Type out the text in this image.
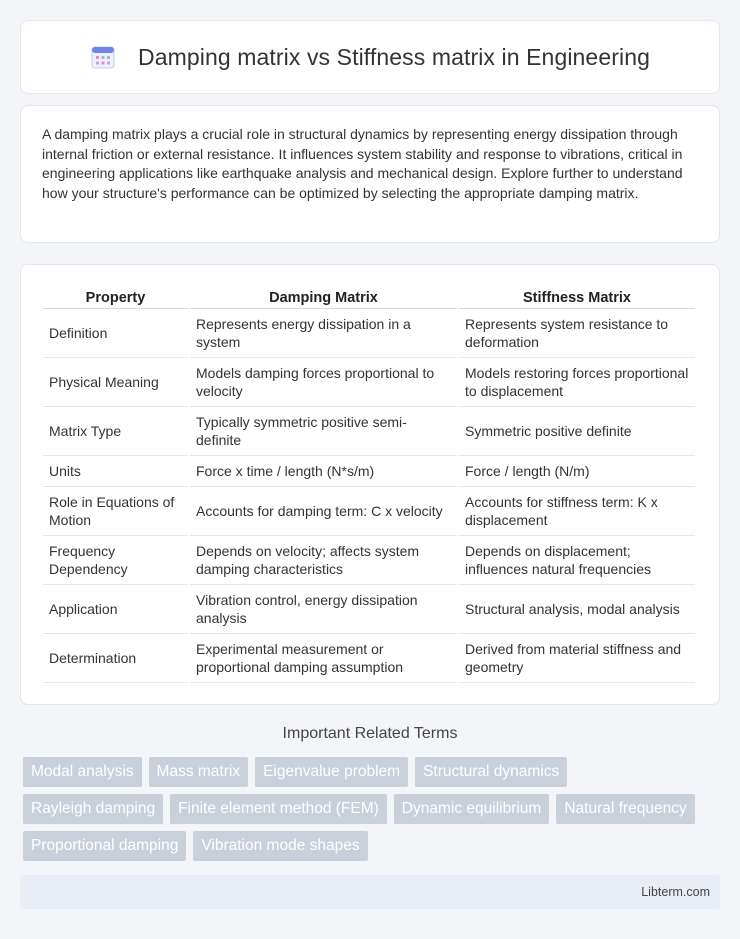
Damping matrix vs Stiffness matrix in Engineering

A damping matrix plays a crucial role in structural dynamics by representing energy dissipation through internal friction or external resistance. It influences system stability and response to vibrations, critical in engineering applications like earthquake analysis and mechanical design. Explore further to understand how your structure's performance can be optimized by selecting the appropriate damping matrix.

Property	Damping Matrix	Stiffness Matrix
Definition	Represents energy dissipation in a system	Represents system resistance to deformation
Physical Meaning	Models damping forces proportional to velocity	Models restoring forces proportional to displacement
Matrix Type	Typically symmetric positive semi-definite	Symmetric positive definite
Units	Force x time / length (N*s/m)	Force / length (N/m)
Role in Equations of Motion	Accounts for damping term: C x velocity	Accounts for stiffness term: K x displacement
Frequency Dependency	Depends on velocity; affects system damping characteristics	Depends on displacement; influences natural frequencies
Application	Vibration control, energy dissipation analysis	Structural analysis, modal analysis
Determination	Experimental measurement or proportional damping assumption	Derived from material stiffness and geometry
Important Related Terms
Modal analysis	Mass matrix	Eigenvalue problem	Structural dynamics
Rayleigh damping	Finite element method (FEM)	Dynamic equilibrium	Natural frequency
Proportional damping	Vibration mode shapes
Libterm.com
